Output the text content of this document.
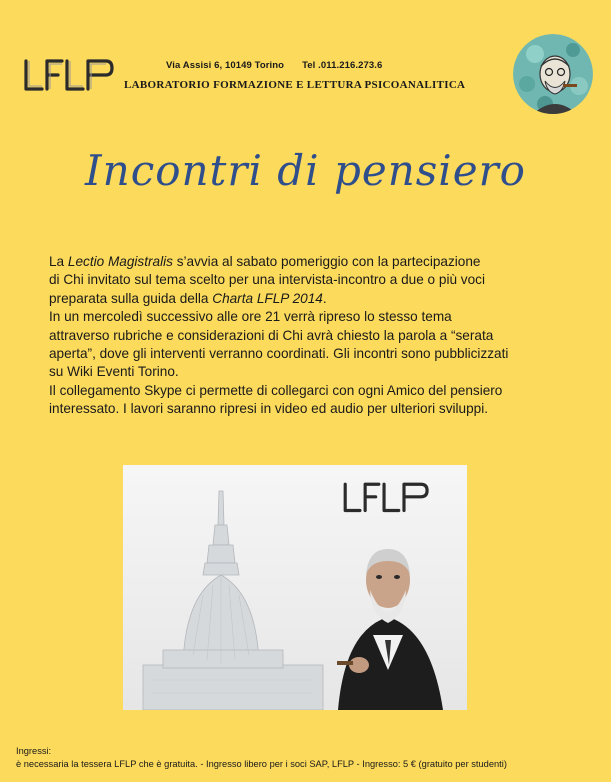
Via Assisi 6, 10149 Torino Tel .011.216.273.6
LABORATORIO FORMAZIONE E LETTURA PSICOANALITICA
Incontri di pensiero

La Lectio Magistralis s’avvia al sabato pomeriggio con la partecipazione

di Chi invitato sul tema scelto per una intervista-incontro a due o più voci

preparata sulla guida della Charta LFLP 2014.

In un mercoledì successivo alle ore 21 verrà ripreso lo stesso tema

attraverso rubriche e considerazioni di Chi avrà chiesto la parola a “serata

aperta”, dove gli interventi verranno coordinati. Gli incontri sono pubblicizzati

su Wiki Eventi Torino.

Il collegamento Skype ci permette di collegarci con ogni Amico del pensiero

interessato. I lavori saranno ripresi in video ed audio per ulteriori sviluppi.

Ingressi:
è necessaria la tessera LFLP che è gratuita. - Ingresso libero per i soci SAP, LFLP - Ingresso: 5 € (gratuito per studenti)
